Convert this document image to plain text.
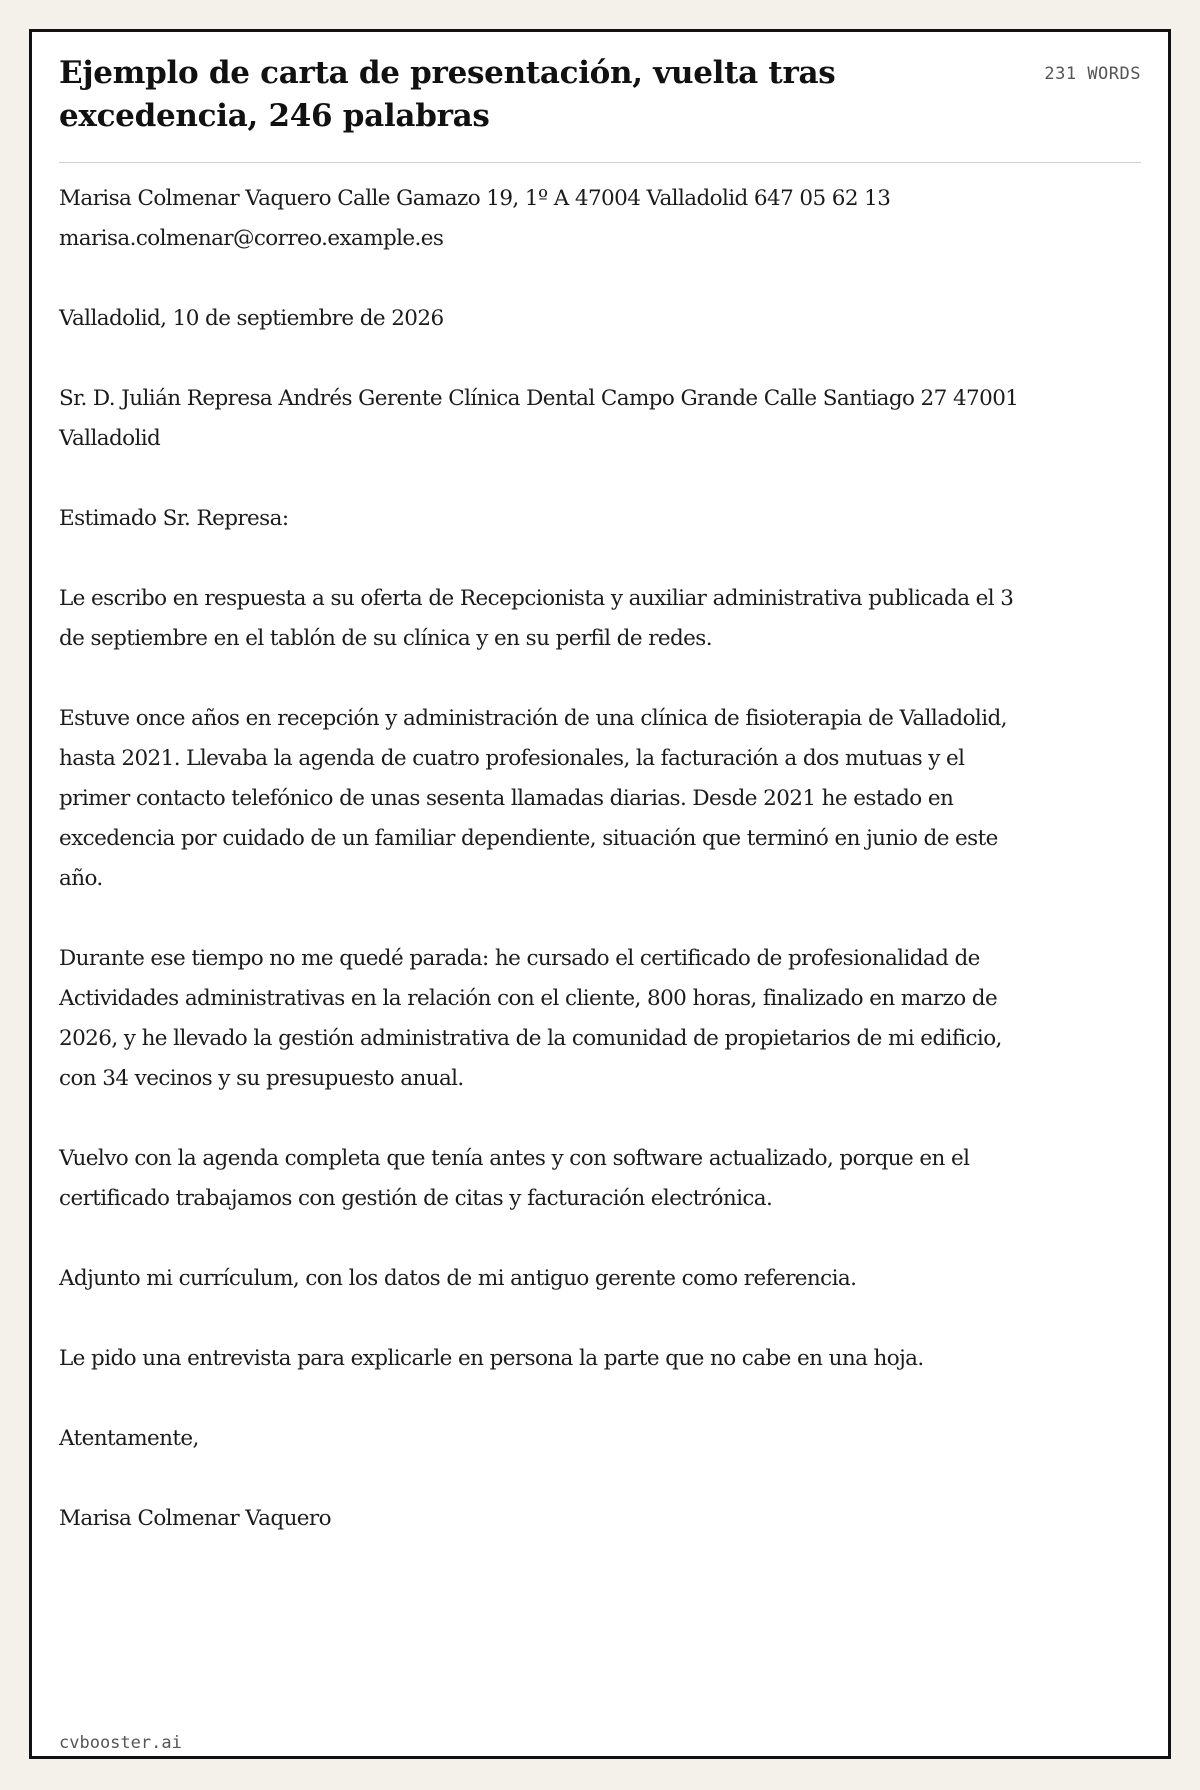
Ejemplo de carta de presentación, vuelta tras excedencia, 246 palabras
231 WORDS

Marisa Colmenar Vaquero Calle Gamazo 19, 1º A 47004 Valladolid 647 05 62 13 marisa.colmenar@correo.example.es

Valladolid, 10 de septiembre de 2026

Sr. D. Julián Represa Andrés Gerente Clínica Dental Campo Grande Calle Santiago 27 47001 Valladolid

Estimado Sr. Represa:

Le escribo en respuesta a su oferta de Recepcionista y auxiliar administrativa publicada el 3 de septiembre en el tablón de su clínica y en su perfil de redes.

Estuve once años en recepción y administración de una clínica de fisioterapia de Valladolid, hasta 2021. Llevaba la agenda de cuatro profesionales, la facturación a dos mutuas y el primer contacto telefónico de unas sesenta llamadas diarias. Desde 2021 he estado en excedencia por cuidado de un familiar dependiente, situación que terminó en junio de este año.

Durante ese tiempo no me quedé parada: he cursado el certificado de profesionalidad de Actividades administrativas en la relación con el cliente, 800 horas, finalizado en marzo de 2026, y he llevado la gestión administrativa de la comunidad de propietarios de mi edificio, con 34 vecinos y su presupuesto anual.

Vuelvo con la agenda completa que tenía antes y con software actualizado, porque en el certificado trabajamos con gestión de citas y facturación electrónica.

Adjunto mi currículum, con los datos de mi antiguo gerente como referencia.

Le pido una entrevista para explicarle en persona la parte que no cabe en una hoja.

Atentamente,

Marisa Colmenar Vaquero

cvbooster.ai
